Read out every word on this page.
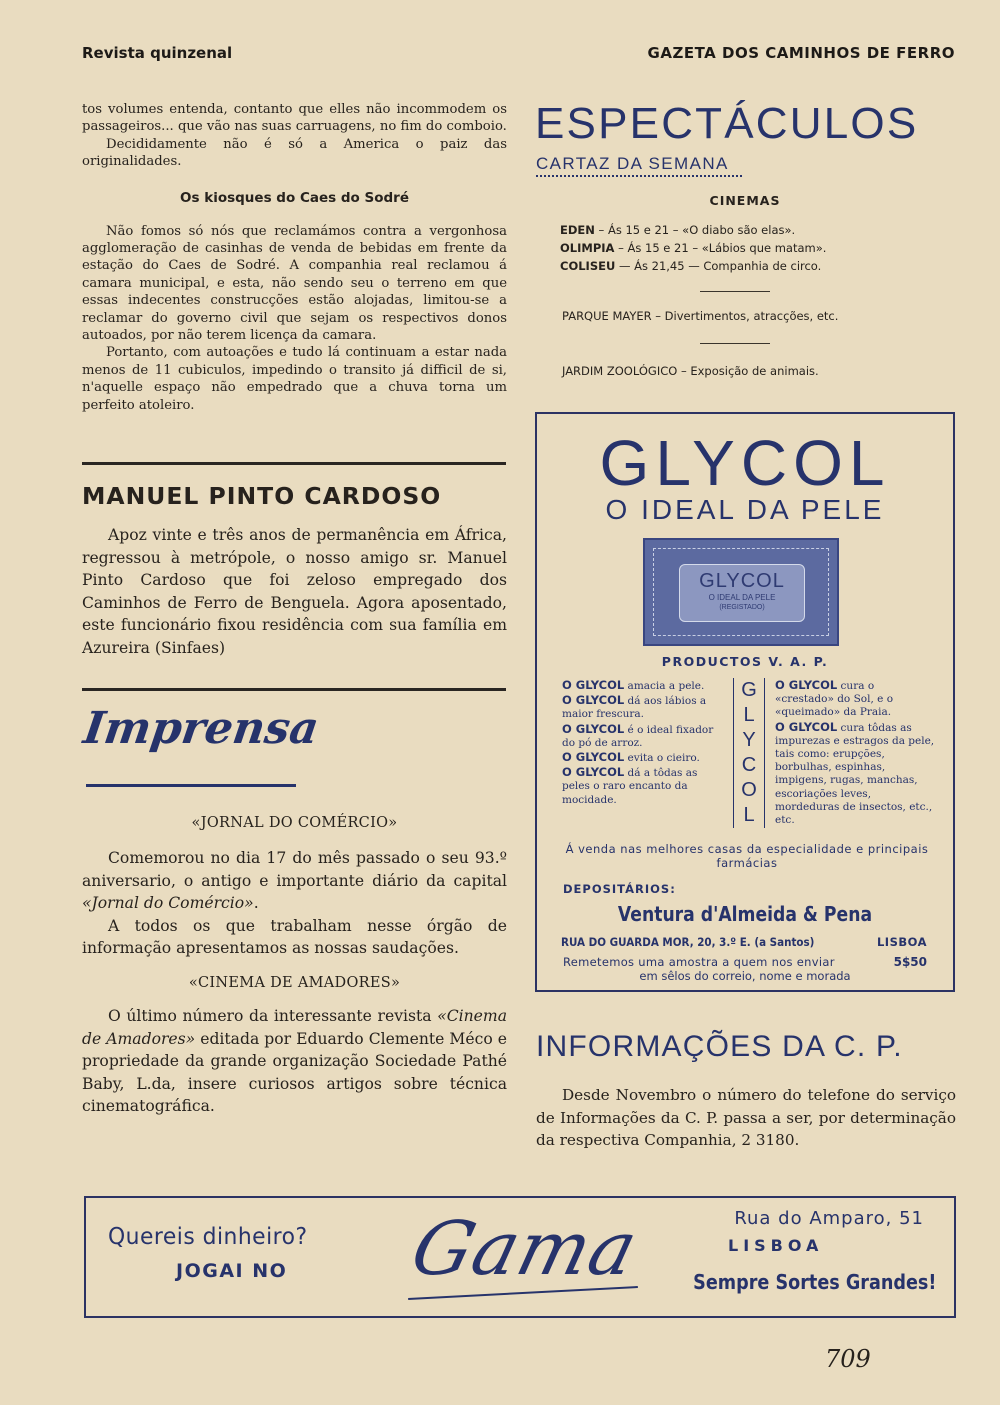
Revista quinzenal	GAZETA DOS CAMINHOS DE FERRO

tos volumes entenda, contanto que elles não incommodem os passageiros... que vão nas suas carruagens, no fim do comboio.

Decididamente não é só a America o paiz das originalidades.

Os kiosques do Caes do Sodré

Não fomos só nós que reclamámos contra a vergonhosa agglomeração de casinhas de venda de bebidas em frente da estação do Caes de Sodré. A companhia real reclamou á camara municipal, e esta, não sendo seu o terreno em que essas indecentes construcções estão alojadas, limitou-se a reclamar do governo civil que sejam os respectivos donos autoados, por não terem licença da camara.

Portanto, com autoações e tudo lá continuam a estar nada menos de 11 cubiculos, impedindo o transito já difficil de si, n'aquelle espaço não empedrado que a chuva torna um perfeito atoleiro.

MANUEL PINTO CARDOSO

Apoz vinte e três anos de permanência em África, regressou à metrópole, o nosso amigo sr. Manuel Pinto Cardoso que foi zeloso empregado dos Caminhos de Ferro de Benguela. Agora aposentado, este funcionário fixou residência com sua família em Azureira (Sinfaes)

Imprensa
«JORNAL DO COMÉRCIO»

Comemorou no dia 17 do mês passado o seu 93.º aniversario, o antigo e importante diário da capital «Jornal do Comércio».

A todos os que trabalham nesse órgão de informação apresentamos as nossas saudações.

«CINEMA DE AMADORES»

O último número da interessante revista «Cinema de Amadores» editada por Eduardo Clemente Méco e propriedade da grande organização Sociedade Pathé Baby, L.da, insere curiosos artigos sobre técnica cinematográfica.

ESPECTÁCULOS
CARTAZ DA SEMANA
CINEMAS
EDEN – Ás 15 e 21 – «O diabo são elas».
OLIMPIA – Ás 15 e 21 – «Lábios que matam».
COLISEU — Ás 21,45 — Companhia de circo.
PARQUE MAYER – Divertimentos, atracções, etc.
JARDIM ZOOLÓGICO – Exposição de animais.
GLYCOL
O IDEAL DA PELE
GLYCOL
O IDEAL DA PELE
(REGISTADO)
PRODUCTOS V. A. P.
O GLYCOL amacia a pele.
O GLYCOL dá aos lábios a maior frescura.
O GLYCOL é o ideal fixador do pó de arroz.
O GLYCOL evita o cieiro.
O GLYCOL dá a tôdas as peles o raro encanto da mocidade.
G
L
Y
C
O
L
O GLYCOL cura o «crestado» do Sol, e o «queimado» da Praia.
O GLYCOL cura tôdas as impurezas e estragos da pele, tais como: erupções, borbulhas, espinhas, impigens, rugas, manchas, escoriações leves, mordeduras de insectos, etc., etc.
Á venda nas melhores casas da especialidade e principais farmácias
DEPOSITÁRIOS:
Ventura d'Almeida & Pena
RUA DO GUARDA MOR, 20, 3.º E. (a Santos)	LISBOA
Remetemos uma amostra a quem nos enviar	5$50
em sêlos do correio, nome e morada
INFORMAÇÕES DA C. P.

Desde Novembro o número do telefone do serviço de Informações da C. P. passa a ser, por determinação da respectiva Companhia, 2 3180.

Quereis dinheiro?
JOGAI NO Gama	Rua do Amparo, 51
LISBOA
Sempre Sortes Grandes!
709
